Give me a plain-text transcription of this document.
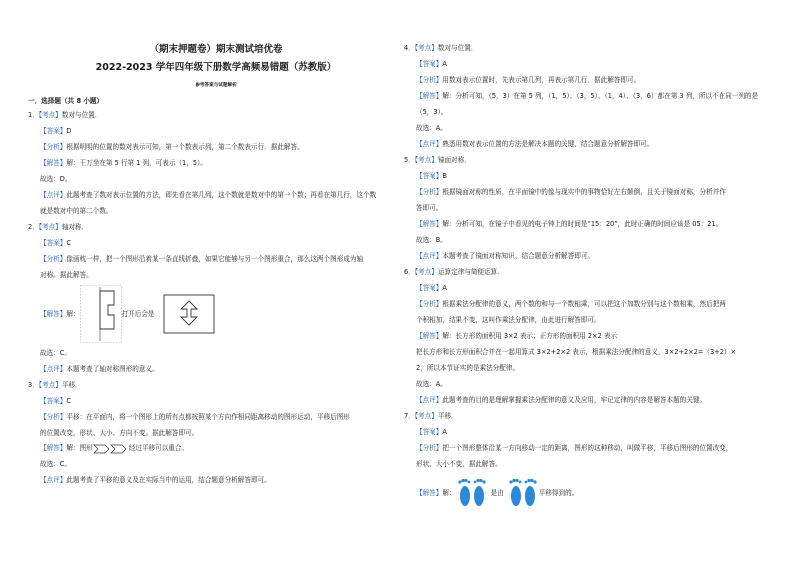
（期末押题卷）期末测试培优卷
2022-2023 学年四年级下册数学高频易错题（苏教版）
参考答案与试题解析
一．选择题（共 8 小题）
1．【考点】数对与位置．
【答案】D
【分析】根据明明的位置的数对表示可知，第一个数表示列，第二个数表示行．据此解答。
【解答】解：王万坐在第 5 行第 1 列，可表示（1，5）。
故选：D。
【点评】此题考查了数对表示位置的方法，即先看在第几列，这个数就是数对中的第一个数；再看在第几行，这个数
就是数对中的第二个数。
2．【考点】轴对称．
【答案】C
【分析】像画枕一样，把一个图形沿着某一条直线折叠，如果它能够与另一个图形重合，那么这两个图形成为轴
对称。据此解答。
【解答】 解：	打开后会是
故选：C。
【点评】本题考查了轴对称图形的意义。
3．【考点】平移．
【答案】C
【分析】平移：在平面内，将一个图形上的所有点都按照某个方向作相同距离移动的图形运动，平移后图形
的位置改变，形状、大小、方向不变。据此解答即可。
【解答】 解：图形	经过平移可以重合。
故选：C。
【点评】此题考查了平移的意义及在实际当中的运用，结合题意分析解答即可。
4．【考点】数对与位置．
【答案】A
【分析】用数对表示位置时，先表示第几列，再表示第几行．据此解答即可。
【解答】解：分析可知，（5，3）在第 5 列，（1，5）、（3，5）、（1，4）、（3，6）都在第 3 列，所以不在同一列的是
（5，3）。
故选：A。
【点评】熟悉用数对表示位置的方法是解决本题的关键，结合题意分析解答即可。
5．【考点】镜面对称．
【答案】B
【分析】根据镜面对称的性质，在平面镜中的像与现实中的事物恰好左右颠倒，且关于镜面对称，分析并作
答即可。
【解答】解：分析可知，在镜子中看见的电子钟上的时间是“15：20”，此时正确的时间应该是 05：21。
故选：B。
【点评】本题考查了镜面对称知识，结合题意分析解答即可。
6．【考点】运算定律与简便运算．
【答案】A
【分析】根据乘法分配律的意义，两个数的和与一个数相乘，可以把这个加数分别与这个数相乘，然后把两
个积相加，结果不变，这叫作乘法分配律，由此进行解答即可。
【解答】解：长方形的面积用 3×2 表示；正方形的面积用 2×2 表示
把长方形和长方形面积合并在一起用算式 3×2+2×2 表示，根据乘法分配律的意义，3×2+2×2=（3+2）×
2，所以本节证实的是乘法分配律。
故选：A。
【点评】此题考查的目的是理解掌握乘法分配律的意义及应用，牢记定律的内容是解答本题的关键。
7．【考点】平移．
【答案】A
【分析】把一个图形整体沿某一方向移动一定的距离，图形的这种移动，叫做平移，平移后图形的位置改变，
形状、大小不变，据此解答。
【解答】 解：	是由	平移得到的。
